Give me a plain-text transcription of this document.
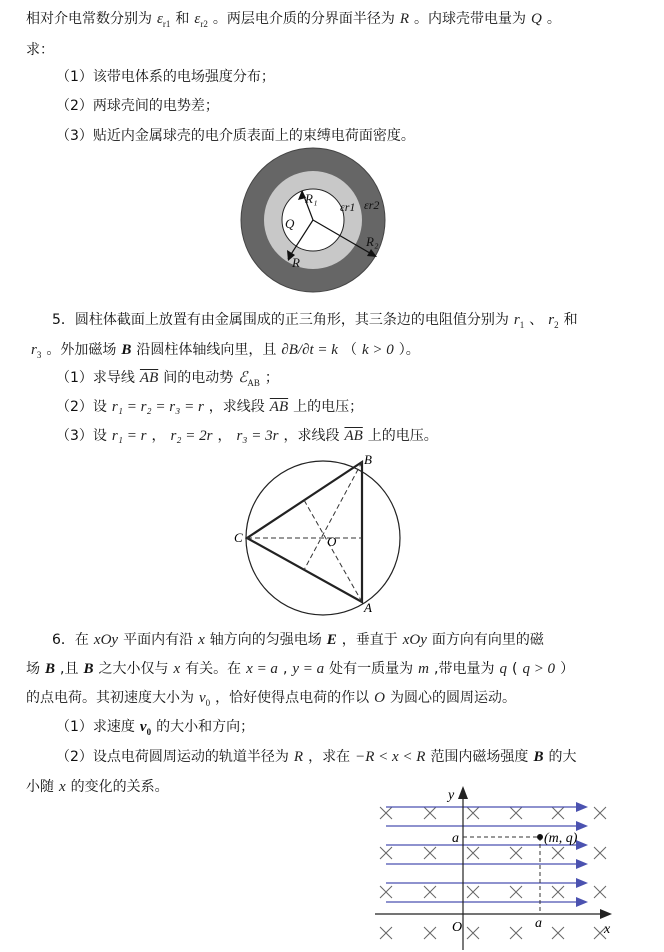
相对介电常数分别为 $\varepsilon_{r1}$ 和 $\varepsilon_{r2}$ 。两层电介质的分界面半径为 R 。内球壳带电量为 Q 。
求：
（1）该带电体系的电场强度分布；
（2）两球壳间的电势差；
（3）贴近内金属球壳的电介质表面上的束缚电荷面密度。
5．圆柱体截面上放置有由金属围成的正三角形，其三条边的电阻值分别为 $r_1$ 、 $r_2$ 和
$r_3$ 。外加磁场 B 沿圆柱体轴线向里，且 ∂B/∂t = k （ k > 0 ）。
（1）求导线 $\overline{AB}$ 间的电动势 ℰ$_{AB}$ ；
（2）设 r₁ = r₂ = r₃ = r ，求线段 $\overline{AB}$ 上的电压；
（3）设 r₁ = r ， r₂ = 2r ， r₃ = 3r ，求线段 $\overline{AB}$ 上的电压。
6．在 xOy 平面内有沿 x 轴方向的匀强电场 E ，垂直于 xOy 面方向有向里的磁
场 B ,且 B 之大小仅与 x 有关。在 x = a , y = a 处有一质量为 m ,带电量为 q ( q > 0 ）
的点电荷。其初速度大小为 $v_0$ ，恰好使得点电荷的作以 O 为圆心的圆周运动。
（1）求速度 $v_0$ 的大小和方向；
（2）设点电荷圆周运动的轨道半径为 R ，求在 −R < x < R 范围内磁场强度 B 的大
小随 x 的变化的关系。
R₁
εr1 εr2
Q
R
R₂
B
C
A
O
y
x
O
a
a
(m, q)
